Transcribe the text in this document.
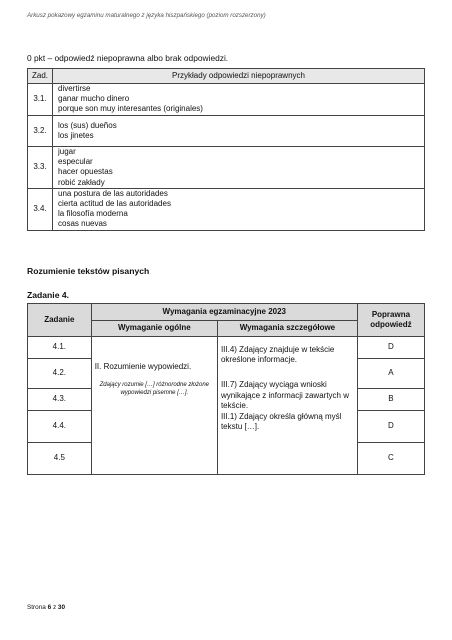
Arkusz pokazowy egzaminu maturalnego z języka hiszpańskiego (poziom rozszerzony)
0 pkt – odpowiedź niepoprawna albo brak odpowiedzi.
Zad.	Przykłady odpowiedzi niepoprawnych
3.1.	divertirse
ganar mucho dinero
porque son muy interesantes (originales)

3.2.	los (sus) dueños
los jinetes

3.3.	jugar
especular
hacer opuestas
robić zakłady

3.4.	una postura de las autoridades
cierta actitud de las autoridades
la filosofía moderna
cosas nuevas
Rozumienie tekstów pisanych
Zadanie 4.
Zadanie	Wymagania egzaminacyjne 2023		Poprawna
odpowiedź

	Wymaganie ogólne	Wymagania szczegółowe	
4.1.	II. Rozumienie wypowiedzi.
Zdający rozumie […] różnorodne złożone wypowiedzi pisemne […].	III.4) Zdający znajduje w tekście określone informacje.
III.7) Zdający wyciąga wnioski wynikające z informacji zawartych w tekście.
III.1) Zdający określa główną myśl tekstu […].	D
4.2.			A
4.3.			B
4.4.			D
4.5			C
Strona 6 z 30
